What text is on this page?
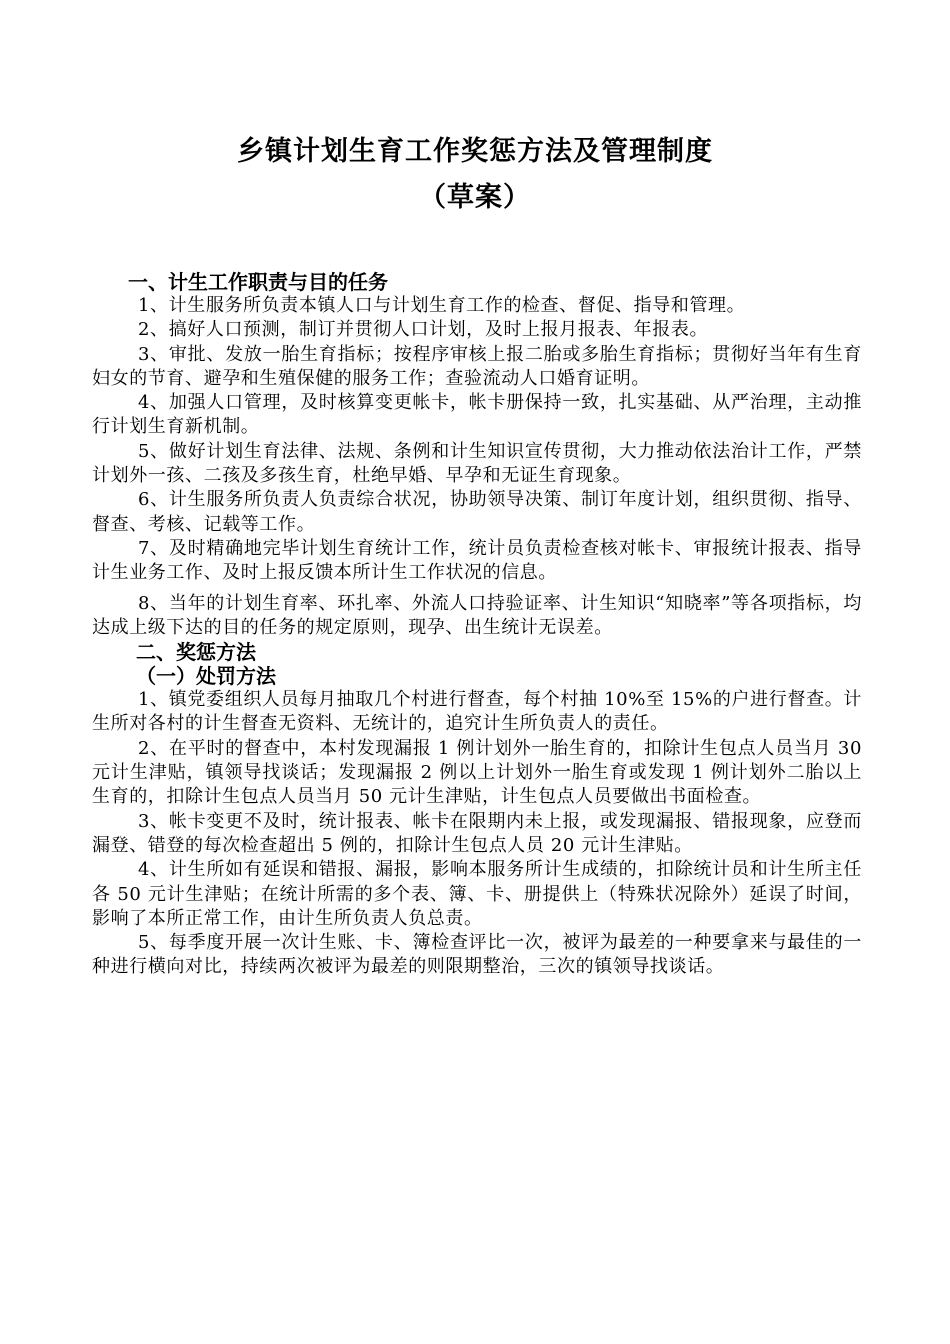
乡镇计划生育工作奖惩方法及管理制度
（草案）
一、计生工作职责与目的任务
1、计生服务所负责本镇人口与计划生育工作的检查、督促、指导和管理。
2、搞好人口预测，制订并贯彻人口计划，及时上报月报表、年报表。
3、审批、发放一胎生育指标；按程序审核上报二胎或多胎生育指标；贯彻好当年有生育妇女的节育、避孕和生殖保健的服务工作；查验流动人口婚育证明。
4、加强人口管理，及时核算变更帐卡，帐卡册保持一致，扎实基础、从严治理，主动推行计划生育新机制。
5、做好计划生育法律、法规、条例和计生知识宣传贯彻，大力推动依法治计工作，严禁计划外一孩、二孩及多孩生育，杜绝早婚、早孕和无证生育现象。
6、计生服务所负责人负责综合状况，协助领导决策、制订年度计划，组织贯彻、指导、督查、考核、记载等工作。
7、及时精确地完毕计划生育统计工作，统计员负责检查核对帐卡、审报统计报表、指导计生业务工作、及时上报反馈本所计生工作状况的信息。
8、当年的计划生育率、环扎率、外流人口持验证率、计生知识“知晓率”等各项指标，均达成上级下达的目的任务的规定原则，现孕、出生统计无误差。
二、奖惩方法
（一）处罚方法
1、镇党委组织人员每月抽取几个村进行督查，每个村抽 10%至 15%的户进行督查。计生所对各村的计生督查无资料、无统计的，追究计生所负责人的责任。
2、在平时的督查中，本村发现漏报 1 例计划外一胎生育的，扣除计生包点人员当月 30 元计生津贴，镇领导找谈话；发现漏报 2 例以上计划外一胎生育或发现 1 例计划外二胎以上生育的，扣除计生包点人员当月 50 元计生津贴，计生包点人员要做出书面检查。
3、帐卡变更不及时，统计报表、帐卡在限期内未上报，或发现漏报、错报现象，应登而漏登、错登的每次检查超出 5 例的，扣除计生包点人员 20 元计生津贴。
4、计生所如有延误和错报、漏报，影响本服务所计生成绩的，扣除统计员和计生所主任各 50 元计生津贴；在统计所需的多个表、簿、卡、册提供上（特殊状况除外）延误了时间，影响了本所正常工作，由计生所负责人负总责。
5、每季度开展一次计生账、卡、簿检查评比一次，被评为最差的一种要拿来与最佳的一种进行横向对比，持续两次被评为最差的则限期整治，三次的镇领导找谈话。
